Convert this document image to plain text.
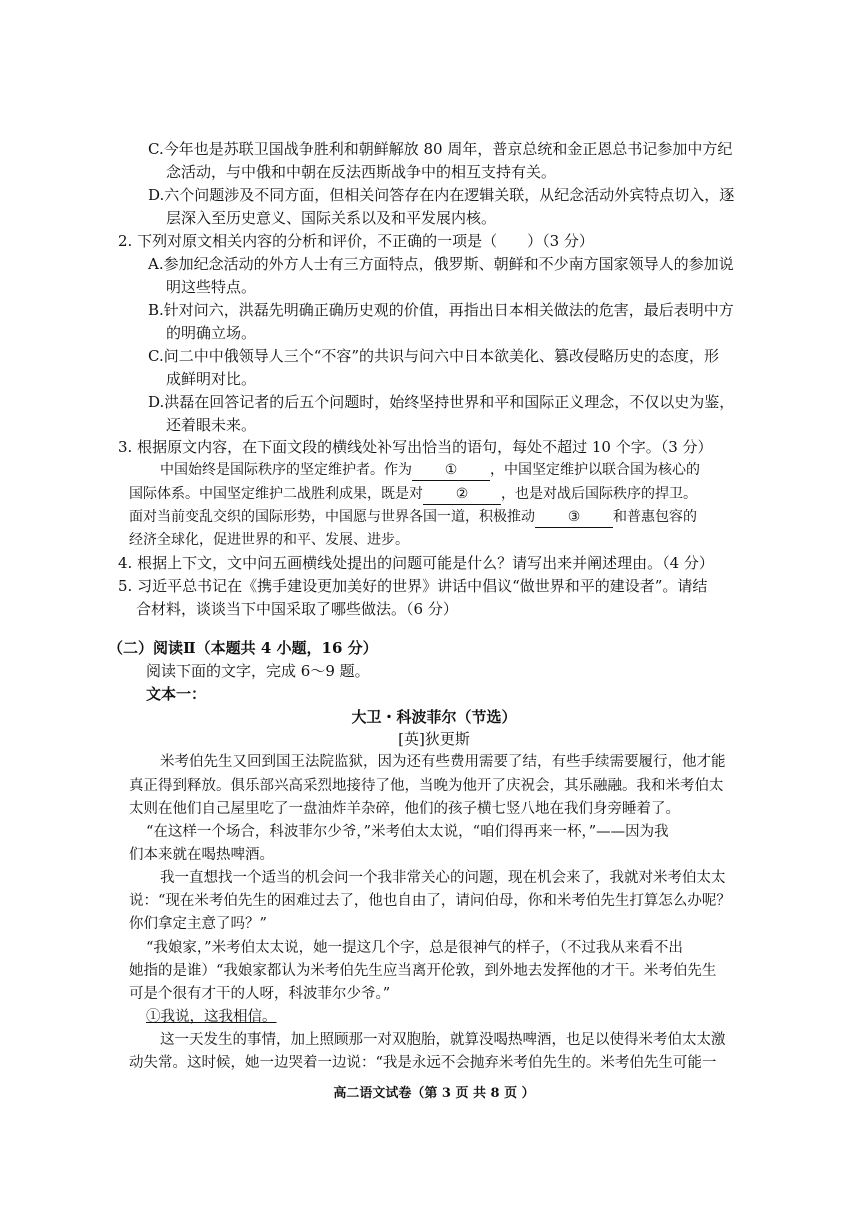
C.今年也是苏联卫国战争胜利和朝鲜解放 80 周年，普京总统和金正恩总书记参加中方纪
念活动，与中俄和中朝在反法西斯战争中的相互支持有关。
D.六个问题涉及不同方面，但相关问答存在内在逻辑关联，从纪念活动外宾特点切入，逐
层深入至历史意义、国际关系以及和平发展内核。
2. 下列对原文相关内容的分析和评价，不正确的一项是（　　）（3 分）
A.参加纪念活动的外方人士有三方面特点，俄罗斯、朝鲜和不少南方国家领导人的参加说
明这些特点。
B.针对问六，洪磊先明确正确历史观的价值，再指出日本相关做法的危害，最后表明中方
的明确立场。
C.问二中中俄领导人三个“不容”的共识与问六中日本欲美化、篡改侵略历史的态度，形
成鲜明对比。
D.洪磊在回答记者的后五个问题时，始终坚持世界和平和国际正义理念，不仅以史为鉴，
还着眼未来。
3. 根据原文内容，在下面文段的横线处补写出恰当的语句，每处不超过 10 个字。（3 分）
中国始终是国际秩序的坚定维护者。作为 ① ，中国坚定维护以联合国为核心的
国际体系。中国坚定维护二战胜利成果，既是对 ② ，也是对战后国际秩序的捍卫。
面对当前变乱交织的国际形势，中国愿与世界各国一道，积极推动 ③ 和普惠包容的
经济全球化，促进世界的和平、发展、进步。
4. 根据上下文，文中问五画横线处提出的问题可能是什么？请写出来并阐述理由。（4 分）
5. 习近平总书记在《携手建设更加美好的世界》讲话中倡议“做世界和平的建设者”。请结
合材料，谈谈当下中国采取了哪些做法。（6 分）
（二）阅读Ⅱ（本题共 4 小题，16 分）
阅读下面的文字，完成 6～9 题。
文本一：
大卫・科波菲尔（节选）
[英]狄更斯
米考伯先生又回到国王法院监狱，因为还有些费用需要了结，有些手续需要履行，他才能
真正得到释放。俱乐部兴高采烈地接待了他，当晚为他开了庆祝会，其乐融融。我和米考伯太
太则在他们自己屋里吃了一盘油炸羊杂碎，他们的孩子横七竖八地在我们身旁睡着了。
“在这样一个场合，科波菲尔少爷，”米考伯太太说，“咱们得再来一杯，”——因为我
们本来就在喝热啤酒。
我一直想找一个适当的机会问一个我非常关心的问题，现在机会来了，我就对米考伯太太
说：“现在米考伯先生的困难过去了，他也自由了，请问伯母，你和米考伯先生打算怎么办呢？
你们拿定主意了吗？”
“我娘家，”米考伯太太说，她一提这几个字，总是很神气的样子，（不过我从来看不出
她指的是谁）“我娘家都认为米考伯先生应当离开伦敦，到外地去发挥他的才干。米考伯先生
可是个很有才干的人呀，科波菲尔少爷。”
①我说，这我相信。
这一天发生的事情，加上照顾那一对双胞胎，就算没喝热啤酒，也足以使得米考伯太太激
动失常。这时候，她一边哭着一边说：“我是永远不会抛弃米考伯先生的。米考伯先生可能一
高二语文试卷（第 3 页 共 8 页 ）
